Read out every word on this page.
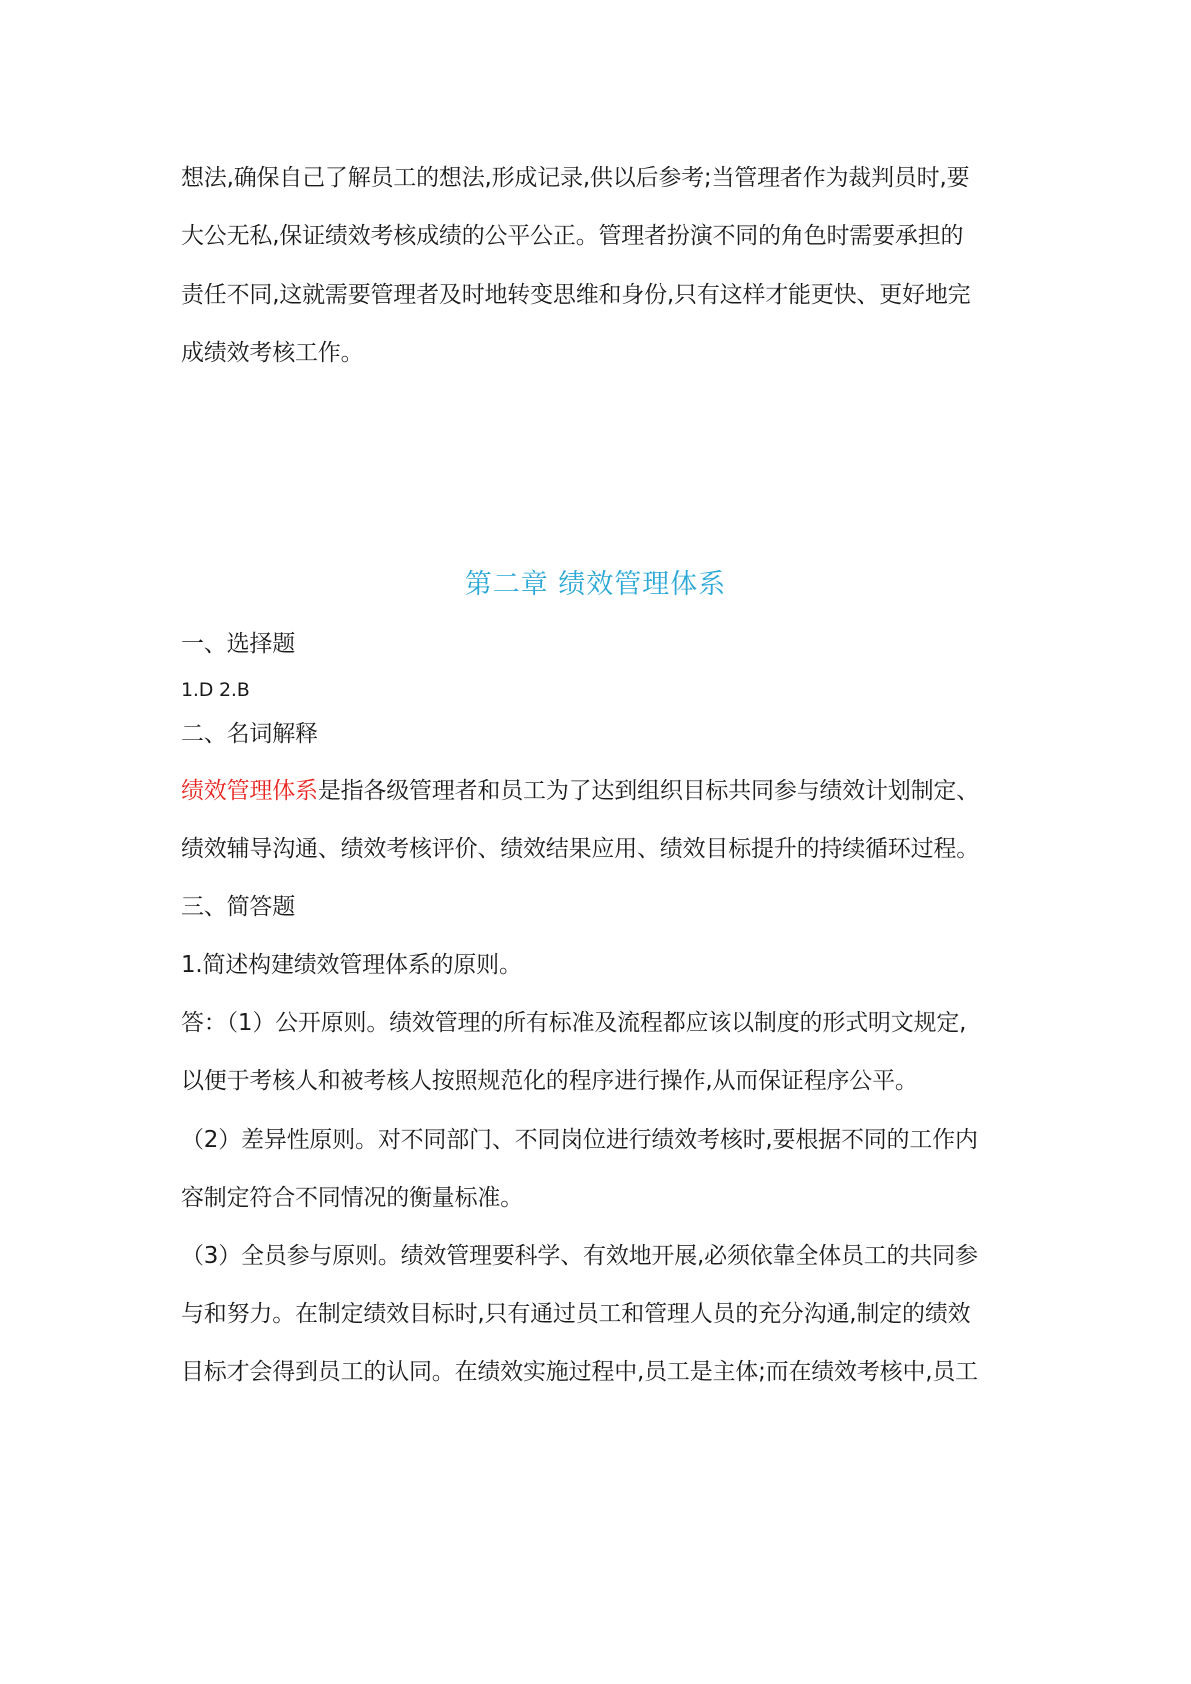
想法,确保自己了解员工的想法,形成记录,供以后参考;当管理者作为裁判员时,要
大公无私,保证绩效考核成绩的公平公正。管理者扮演不同的角色时需要承担的
责任不同,这就需要管理者及时地转变思维和身份,只有这样才能更快、更好地完
成绩效考核工作。
第二章 绩效管理体系
一、选择题
1.D 2.B
二、名词解释
绩效管理体系是指各级管理者和员工为了达到组织目标共同参与绩效计划制定、
绩效辅导沟通、绩效考核评价、绩效结果应用、绩效目标提升的持续循环过程。
三、简答题
1.简述构建绩效管理体系的原则。
答：（1）公开原则。绩效管理的所有标准及流程都应该以制度的形式明文规定,
以便于考核人和被考核人按照规范化的程序进行操作,从而保证程序公平。
（2）差异性原则。对不同部门、不同岗位进行绩效考核时,要根据不同的工作内
容制定符合不同情况的衡量标准。
（3）全员参与原则。绩效管理要科学、有效地开展,必须依靠全体员工的共同参
与和努力。在制定绩效目标时,只有通过员工和管理人员的充分沟通,制定的绩效
目标才会得到员工的认同。在绩效实施过程中,员工是主体;而在绩效考核中,员工
